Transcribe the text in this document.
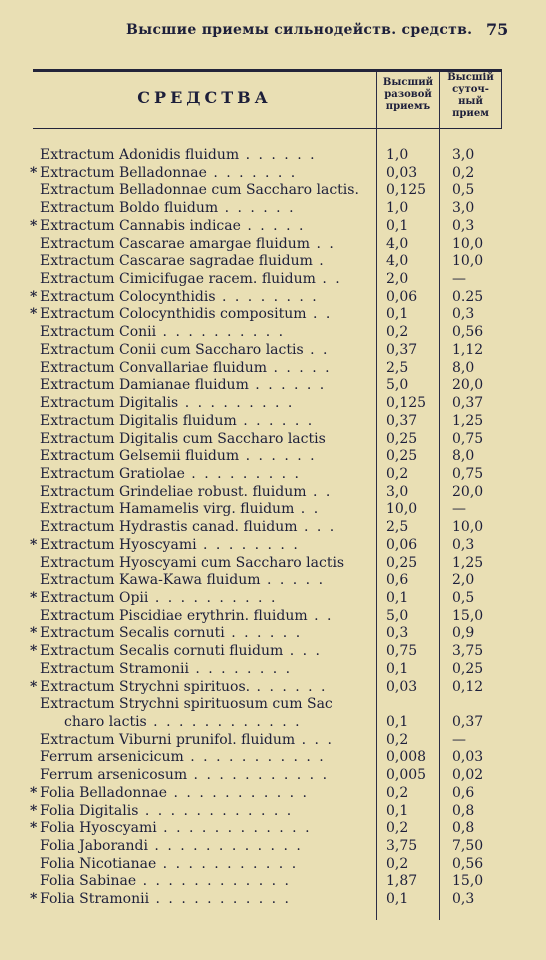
Высшие приемы сильнодейств. средств. 75
СРЕДСТВА
Высший
разовой
приемъ
Высшій
суточ-
ный
прием
Extractum Adonidis fluidum . . . . . .	1,0	3,0
* Extractum Belladonnae . . . . . . .	0,03 0,2
Extractum Belladonnae cum Saccharo lactis.	0,125 0,5
Extractum Boldo fluidum . . . . . .	1,0	3,0
* Extractum Cannabis indicae . . . . .	0,1	0,3
Extractum Cascarae amargae fluidum . .	4,0	10,0
Extractum Cascarae sagradae fluidum .	4,0	10,0
Extractum Cimicifugae racem. fluidum . .	2,0	—
* Extractum Colocynthidis . . . . . . . .	0,06 0.25
* Extractum Colocynthidis compositum . .	0,1	0,3
Extractum Conii . . . . . . . . . .	0,2	0,56
Extractum Conii cum Saccharo lactis . .	0,37 1,12
Extractum Convallariae fluidum . . . . .	2,5	8,0
Extractum Damianae fluidum . . . . . .	5,0	20,0
Extractum Digitalis . . . . . . . . .	0,125 0,37
Extractum Digitalis fluidum . . . . . .	0,37 1,25
Extractum Digitalis cum Saccharo lactis	0,25 0,75
Extractum Gelsemii fluidum . . . . . .	0,25 8,0
Extractum Gratiolae . . . . . . . . .	0,2	0,75
Extractum Grindeliae robust. fluidum . .	3,0	20,0
Extractum Hamamelis virg. fluidum . .	10,0 —
Extractum Hydrastis canad. fluidum . . .	2,5	10,0
* Extractum Hyoscyami . . . . . . . .	0,06 0,3
Extractum Hyoscyami cum Saccharo lactis	0,25 1,25
Extractum Kawa-Kawa fluidum . . . . .	0,6	2,0
* Extractum Opii . . . . . . . . . .	0,1	0,5
Extractum Piscidiae erythrin. fluidum . .	5,0	15,0
* Extractum Secalis cornuti . . . . . .	0,3	0,9
* Extractum Secalis cornuti fluidum . . .	0,75 3,75
Extractum Stramonii . . . . . . . .	0,1	0,25
* Extractum Strychni spirituos. . . . . . .	0,03 0,12
Extractum Strychni spirituosum cum Sac
charo lactis . . . . . . . . . . . .	0,1	0,37
Extractum Viburni prunifol. fluidum . . .	0,2	—
Ferrum arsenicicum . . . . . . . . . . .	0,008 0,03
Ferrum arsenicosum . . . . . . . . . . .	0,005 0,02
* Folia Belladonnae . . . . . . . . . . .	0,2	0,6
* Folia Digitalis . . . . . . . . . . . .	0,1	0,8
* Folia Hyoscyami . . . . . . . . . . . .	0,2	0,8
Folia Jaborandi . . . . . . . . . . . .	3,75 7,50
Folia Nicotianae . . . . . . . . . . .	0,2	0,56
Folia Sabinae . . . . . . . . . . . .	1,87 15,0
* Folia Stramonii . . . . . . . . . . .	0,1	0,3
